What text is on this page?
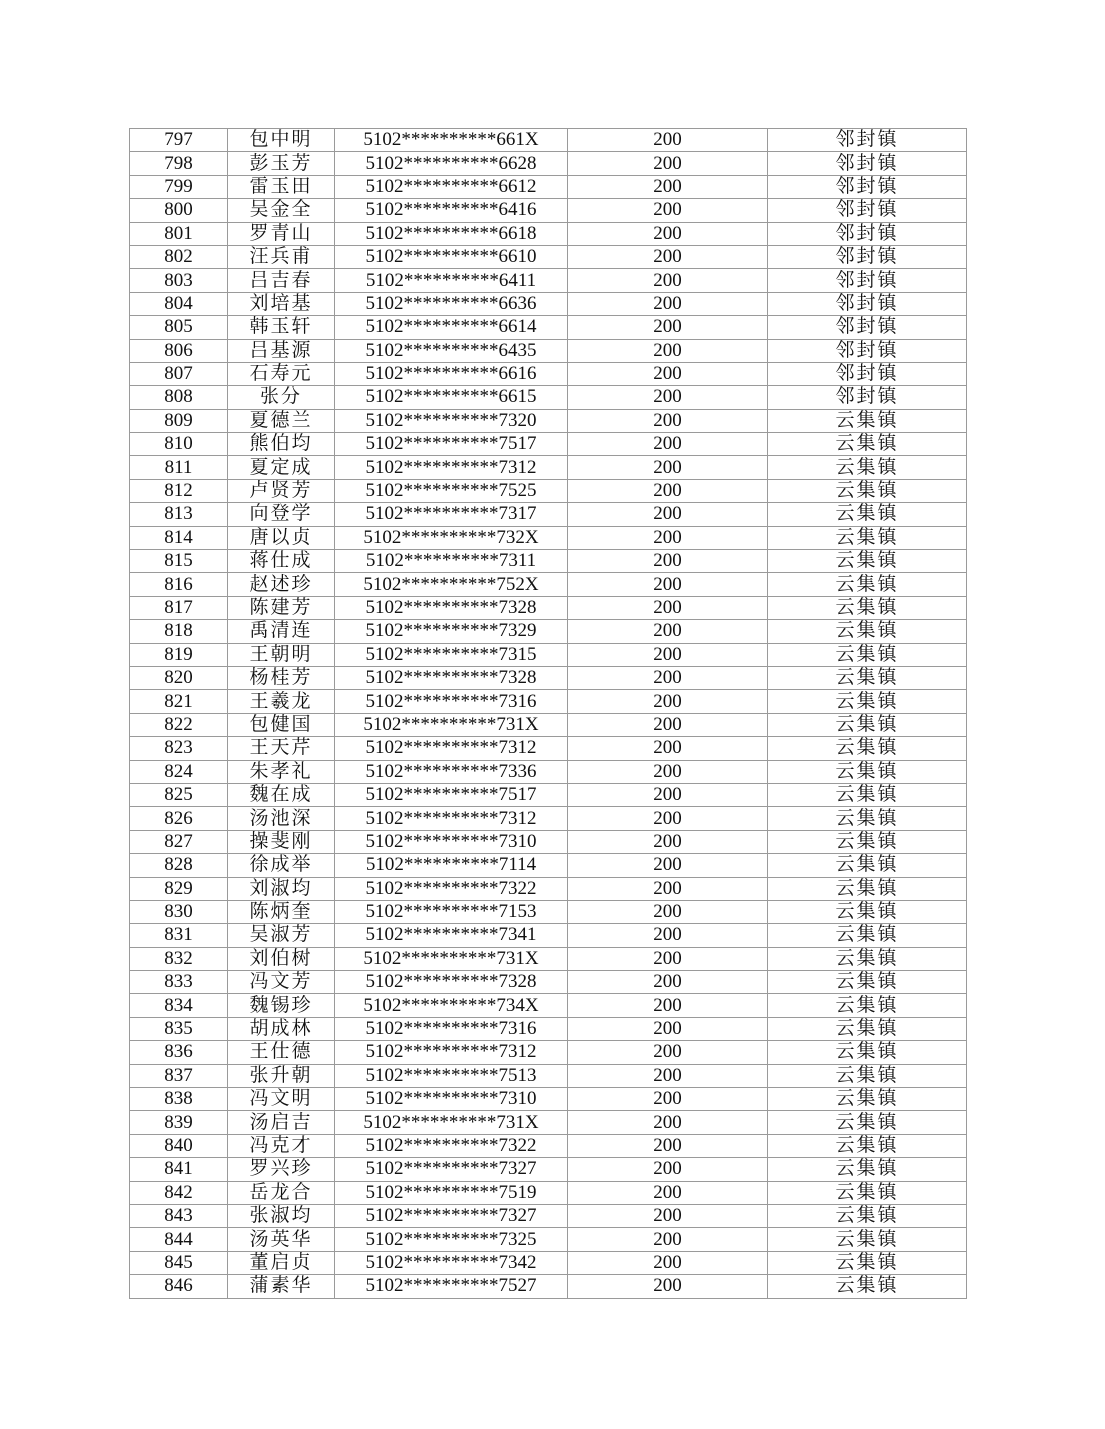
797	包中明	5102**********661X	200	邻封镇
798	彭玉芳	5102**********6628	200	邻封镇
799	雷玉田	5102**********6612	200	邻封镇
800	吴金全	5102**********6416	200	邻封镇
801	罗青山	5102**********6618	200	邻封镇
802	汪兵甫	5102**********6610	200	邻封镇
803	吕吉春	5102**********6411	200	邻封镇
804	刘培基	5102**********6636	200	邻封镇
805	韩玉轩	5102**********6614	200	邻封镇
806	吕基源	5102**********6435	200	邻封镇
807	石寿元	5102**********6616	200	邻封镇
808	张分	5102**********6615	200	邻封镇
809	夏德兰	5102**********7320	200	云集镇
810	熊伯均	5102**********7517	200	云集镇
811	夏定成	5102**********7312	200	云集镇
812	卢贤芳	5102**********7525	200	云集镇
813	向登学	5102**********7317	200	云集镇
814	唐以贞	5102**********732X	200	云集镇
815	蒋仕成	5102**********7311	200	云集镇
816	赵述珍	5102**********752X	200	云集镇
817	陈建芳	5102**********7328	200	云集镇
818	禹清连	5102**********7329	200	云集镇
819	王朝明	5102**********7315	200	云集镇
820	杨桂芳	5102**********7328	200	云集镇
821	王羲龙	5102**********7316	200	云集镇
822	包健国	5102**********731X	200	云集镇
823	王天芹	5102**********7312	200	云集镇
824	朱孝礼	5102**********7336	200	云集镇
825	魏在成	5102**********7517	200	云集镇
826	汤池深	5102**********7312	200	云集镇
827	操斐刚	5102**********7310	200	云集镇
828	徐成举	5102**********7114	200	云集镇
829	刘淑均	5102**********7322	200	云集镇
830	陈炳奎	5102**********7153	200	云集镇
831	吴淑芳	5102**********7341	200	云集镇
832	刘伯树	5102**********731X	200	云集镇
833	冯文芳	5102**********7328	200	云集镇
834	魏锡珍	5102**********734X	200	云集镇
835	胡成林	5102**********7316	200	云集镇
836	王仕德	5102**********7312	200	云集镇
837	张升朝	5102**********7513	200	云集镇
838	冯文明	5102**********7310	200	云集镇
839	汤启吉	5102**********731X	200	云集镇
840	冯克才	5102**********7322	200	云集镇
841	罗兴珍	5102**********7327	200	云集镇
842	岳龙合	5102**********7519	200	云集镇
843	张淑均	5102**********7327	200	云集镇
844	汤英华	5102**********7325	200	云集镇
845	董启贞	5102**********7342	200	云集镇
846	蒲素华	5102**********7527	200	云集镇
